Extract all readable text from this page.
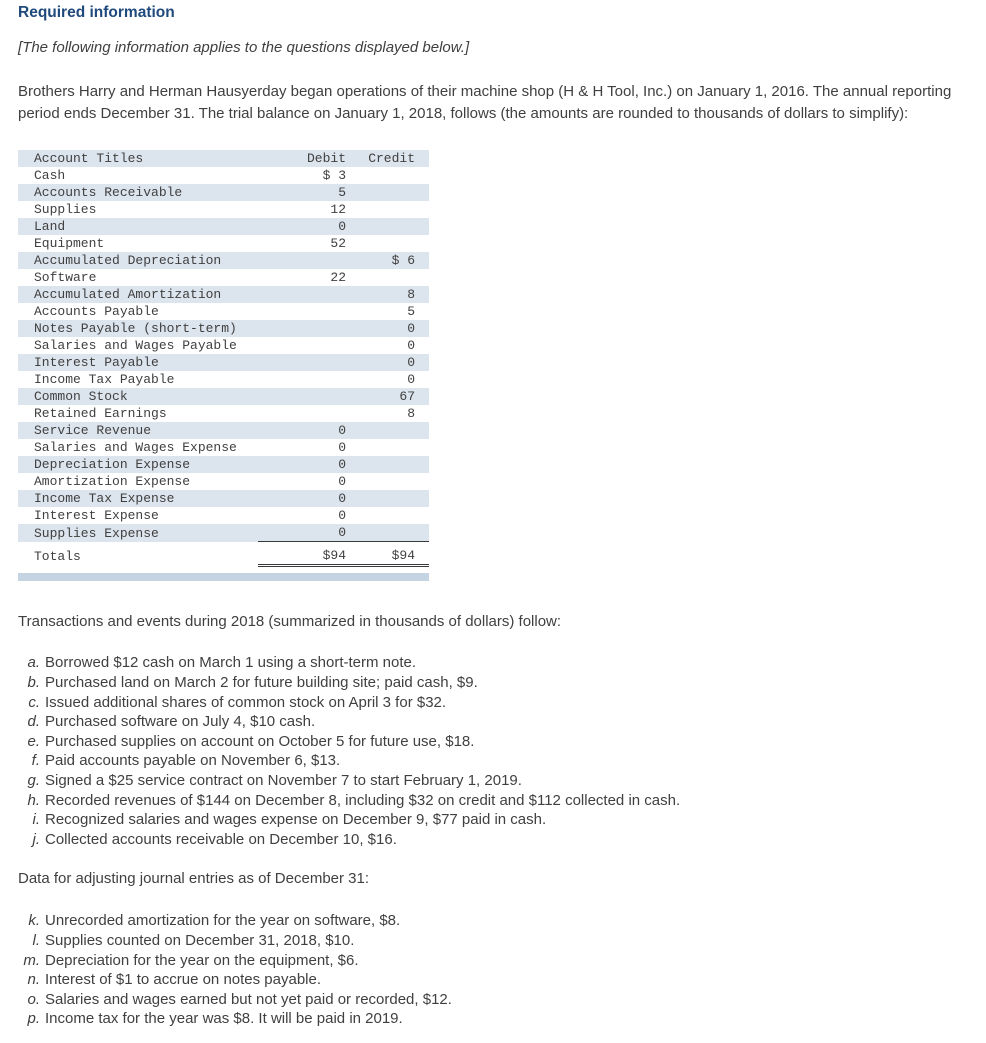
Required information

[The following information applies to the questions displayed below.]

Brothers Harry and Herman Hausyerday began operations of their machine shop (H & H Tool, Inc.) on January 1, 2016. The annual reporting period ends December 31. The trial balance on January 1, 2018, follows (the amounts are rounded to thousands of dollars to simplify):

Account Titles	Debit	Credit
Cash	$ 3	
Accounts Receivable	5	
Supplies	12	
Land	0	
Equipment	52	
Accumulated Depreciation		$ 6
Software	22	
Accumulated Amortization		8
Accounts Payable		5
Notes Payable (short-term)		0
Salaries and Wages Payable		0
Interest Payable		0
Income Tax Payable		0
Common Stock		67
Retained Earnings		8
Service Revenue	0	
Salaries and Wages Expense	0	
Depreciation Expense	0	
Amortization Expense	0	
Income Tax Expense	0	
Interest Expense	0	
Supplies Expense	0	
Totals	$94	$94

Transactions and events during 2018 (summarized in thousands of dollars) follow:

a. Borrowed $12 cash on March 1 using a short-term note.
b. Purchased land on March 2 for future building site; paid cash, $9.
c. Issued additional shares of common stock on April 3 for $32.
d. Purchased software on July 4, $10 cash.
e. Purchased supplies on account on October 5 for future use, $18.
f. Paid accounts payable on November 6, $13.
g. Signed a $25 service contract on November 7 to start February 1, 2019.
h. Recorded revenues of $144 on December 8, including $32 on credit and $112 collected in cash.
i. Recognized salaries and wages expense on December 9, $77 paid in cash.
j. Collected accounts receivable on December 10, $16.

Data for adjusting journal entries as of December 31:

k. Unrecorded amortization for the year on software, $8.
l. Supplies counted on December 31, 2018, $10.
m. Depreciation for the year on the equipment, $6.
n. Interest of $1 to accrue on notes payable.
o. Salaries and wages earned but not yet paid or recorded, $12.
p. Income tax for the year was $8. It will be paid in 2019.
